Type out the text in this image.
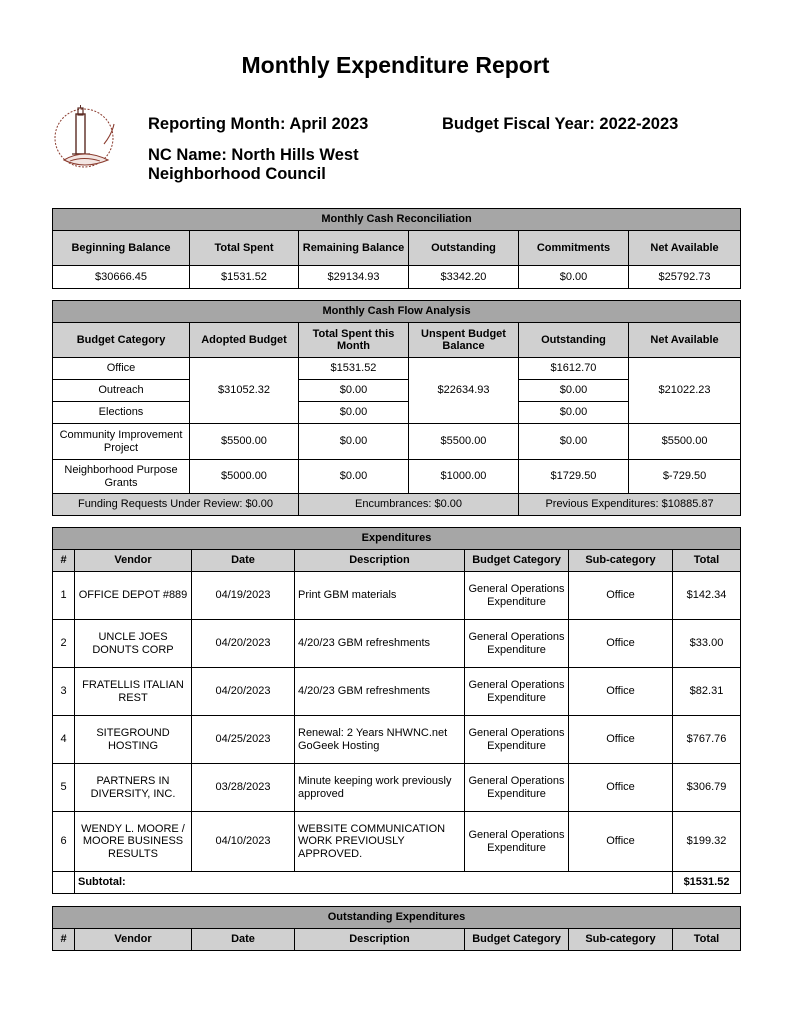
Monthly Expenditure Report
Reporting Month: April 2023	Budget Fiscal Year: 2022-2023
NC Name: North Hills West
Neighborhood Council
Monthly Cash Reconciliation					
Beginning Balance	Total Spent	Remaining Balance	Outstanding	Commitments	Net Available
$30666.45	$1531.52	$29134.93	$3342.20	$0.00	$25792.73
Monthly Cash Flow Analysis					
Budget Category	Adopted Budget	Total Spent this Month	Unspent Budget Balance	Outstanding	Net Available
Office	$31052.32	$1531.52	$22634.93	$1612.70	$21022.23
Outreach		$0.00		$0.00	
Elections		$0.00		$0.00	
Community Improvement Project	$5500.00	$0.00	$5500.00	$0.00	$5500.00
Neighborhood Purpose Grants	$5000.00	$0.00	$1000.00	$1729.50	$-729.50
Funding Requests Under Review: $0.00		Encumbrances: $0.00		Previous Expenditures: $10885.87	
Expenditures						
#	Vendor	Date	Description	Budget Category	Sub-category	Total
1	OFFICE DEPOT #889	04/19/2023	Print GBM materials	General Operations Expenditure	Office	$142.34
2	UNCLE JOES DONUTS CORP	04/20/2023	4/20/23 GBM refreshments	General Operations Expenditure	Office	$33.00
3	FRATELLIS ITALIAN REST	04/20/2023	4/20/23 GBM refreshments	General Operations Expenditure	Office	$82.31
4	SITEGROUND HOSTING	04/25/2023	Renewal: 2 Years NHWNC.net GoGeek Hosting	General Operations Expenditure	Office	$767.76
5	PARTNERS IN DIVERSITY, INC.	03/28/2023	Minute keeping work previously approved	General Operations Expenditure	Office	$306.79
6	WENDY L. MOORE / MOORE BUSINESS RESULTS	04/10/2023	WEBSITE COMMUNICATION WORK PREVIOUSLY APPROVED.	General Operations Expenditure	Office	$199.32
	Subtotal:					$1531.52
Outstanding Expenditures
#	Vendor	Date	Description	Budget Category	Sub-category	Total
